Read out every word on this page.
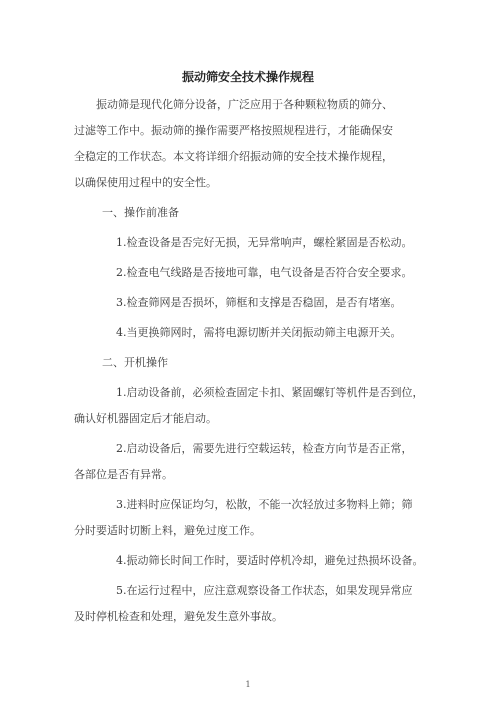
振动筛安全技术操作规程
振动筛是现代化筛分设备，广泛应用于各种颗粒物质的筛分、
过滤等工作中。振动筛的操作需要严格按照规程进行，才能确保安
全稳定的工作状态。本文将详细介绍振动筛的安全技术操作规程，
以确保使用过程中的安全性。
一、操作前准备
1.检查设备是否完好无损，无异常响声，螺栓紧固是否松动。
2.检查电气线路是否接地可靠，电气设备是否符合安全要求。
3.检查筛网是否损坏，筛框和支撑是否稳固，是否有堵塞。
4.当更换筛网时，需将电源切断并关闭振动筛主电源开关。
二、开机操作
1.启动设备前，必须检查固定卡扣、紧固螺钉等机件是否到位，
确认好机器固定后才能启动。
2.启动设备后，需要先进行空载运转，检查方向节是否正常，
各部位是否有异常。
3.进料时应保证均匀，松散，不能一次轻放过多物料上筛；筛
分时要适时切断上料，避免过度工作。
4.振动筛长时间工作时，要适时停机冷却，避免过热损坏设备。
5.在运行过程中，应注意观察设备工作状态，如果发现异常应
及时停机检查和处理，避免发生意外事故。
1
